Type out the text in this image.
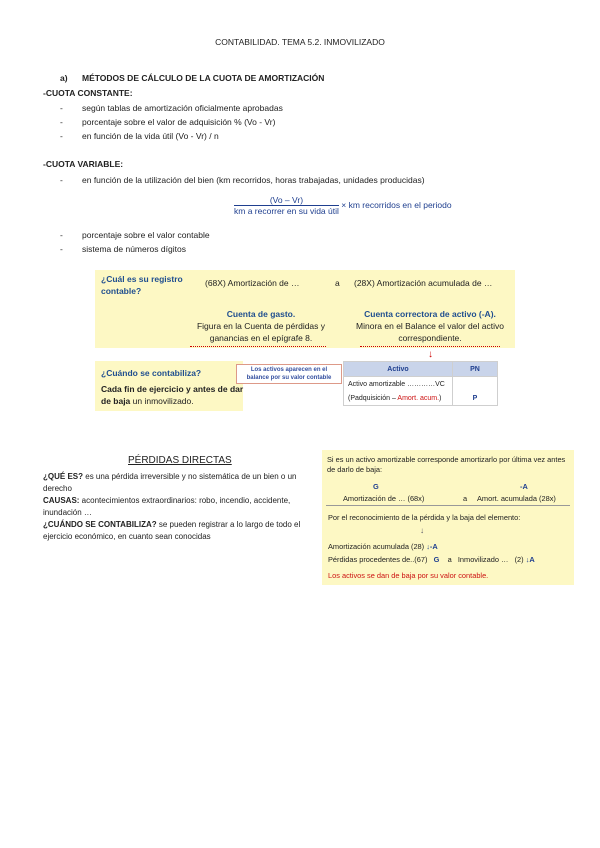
CONTABILIDAD. TEMA 5.2. INMOVILIZADO
a) MÉTODOS DE CÁLCULO DE LA CUOTA DE AMORTIZACIÓN
-CUOTA CONSTANTE:
- según tablas de amortización oficialmente aprobadas
- porcentaje sobre el valor de adquisición % (Vo - Vr)
- en función de la vida útil (Vo - Vr) / n
-CUOTA VARIABLE:
- en función de la utilización del bien (km recorridos, horas trabajadas, unidades producidas)
$\frac{(Vo - Vr)}{\text{km a recorrer en su vida útil}}$ × km recorridos en el periodo
- porcentaje sobre el valor contable
- sistema de números dígitos
¿Cuál es su registro contable?
(68X) Amortización de …	a (28X) Amortización acumulada de …
Cuenta de gasto.
Figura en la Cuenta de pérdidas y ganancias en el epígrafe 8.
Cuenta correctora de activo (-A).
Minora en el Balance el valor del activo correspondiente.
↓
¿Cuándo se contabiliza?
Cada fin de ejercicio y antes de dar de baja un inmovilizado.
Los activos aparecen en el balance por su valor contable
Activo	PN
Activo amortizable …………VC	
(Padquisición – Amort. acum.)	P
PÉRDIDAS DIRECTAS
¿QUÉ ES? es una pérdida irreversible y no sistemática de un bien o un derecho
CAUSAS: acontecimientos extraordinarios: robo, incendio, accidente, inundación …
¿CUÁNDO SE CONTABILIZA? se pueden registrar a lo largo de todo el ejercicio económico, en cuanto sean conocidas
Si es un activo amortizable corresponde amortizarlo por última vez antes de darlo de baja:
G	-A
Amortización de … (68x)	a Amort. acumulada (28x)
Por el reconocimiento de la pérdida y la baja del elemento:
↓
Amortización acumulada (28) ↓-A
Pérdidas procedentes de..(67) G a Inmovilizado … (2) ↓A
Los activos se dan de baja por su valor contable.
